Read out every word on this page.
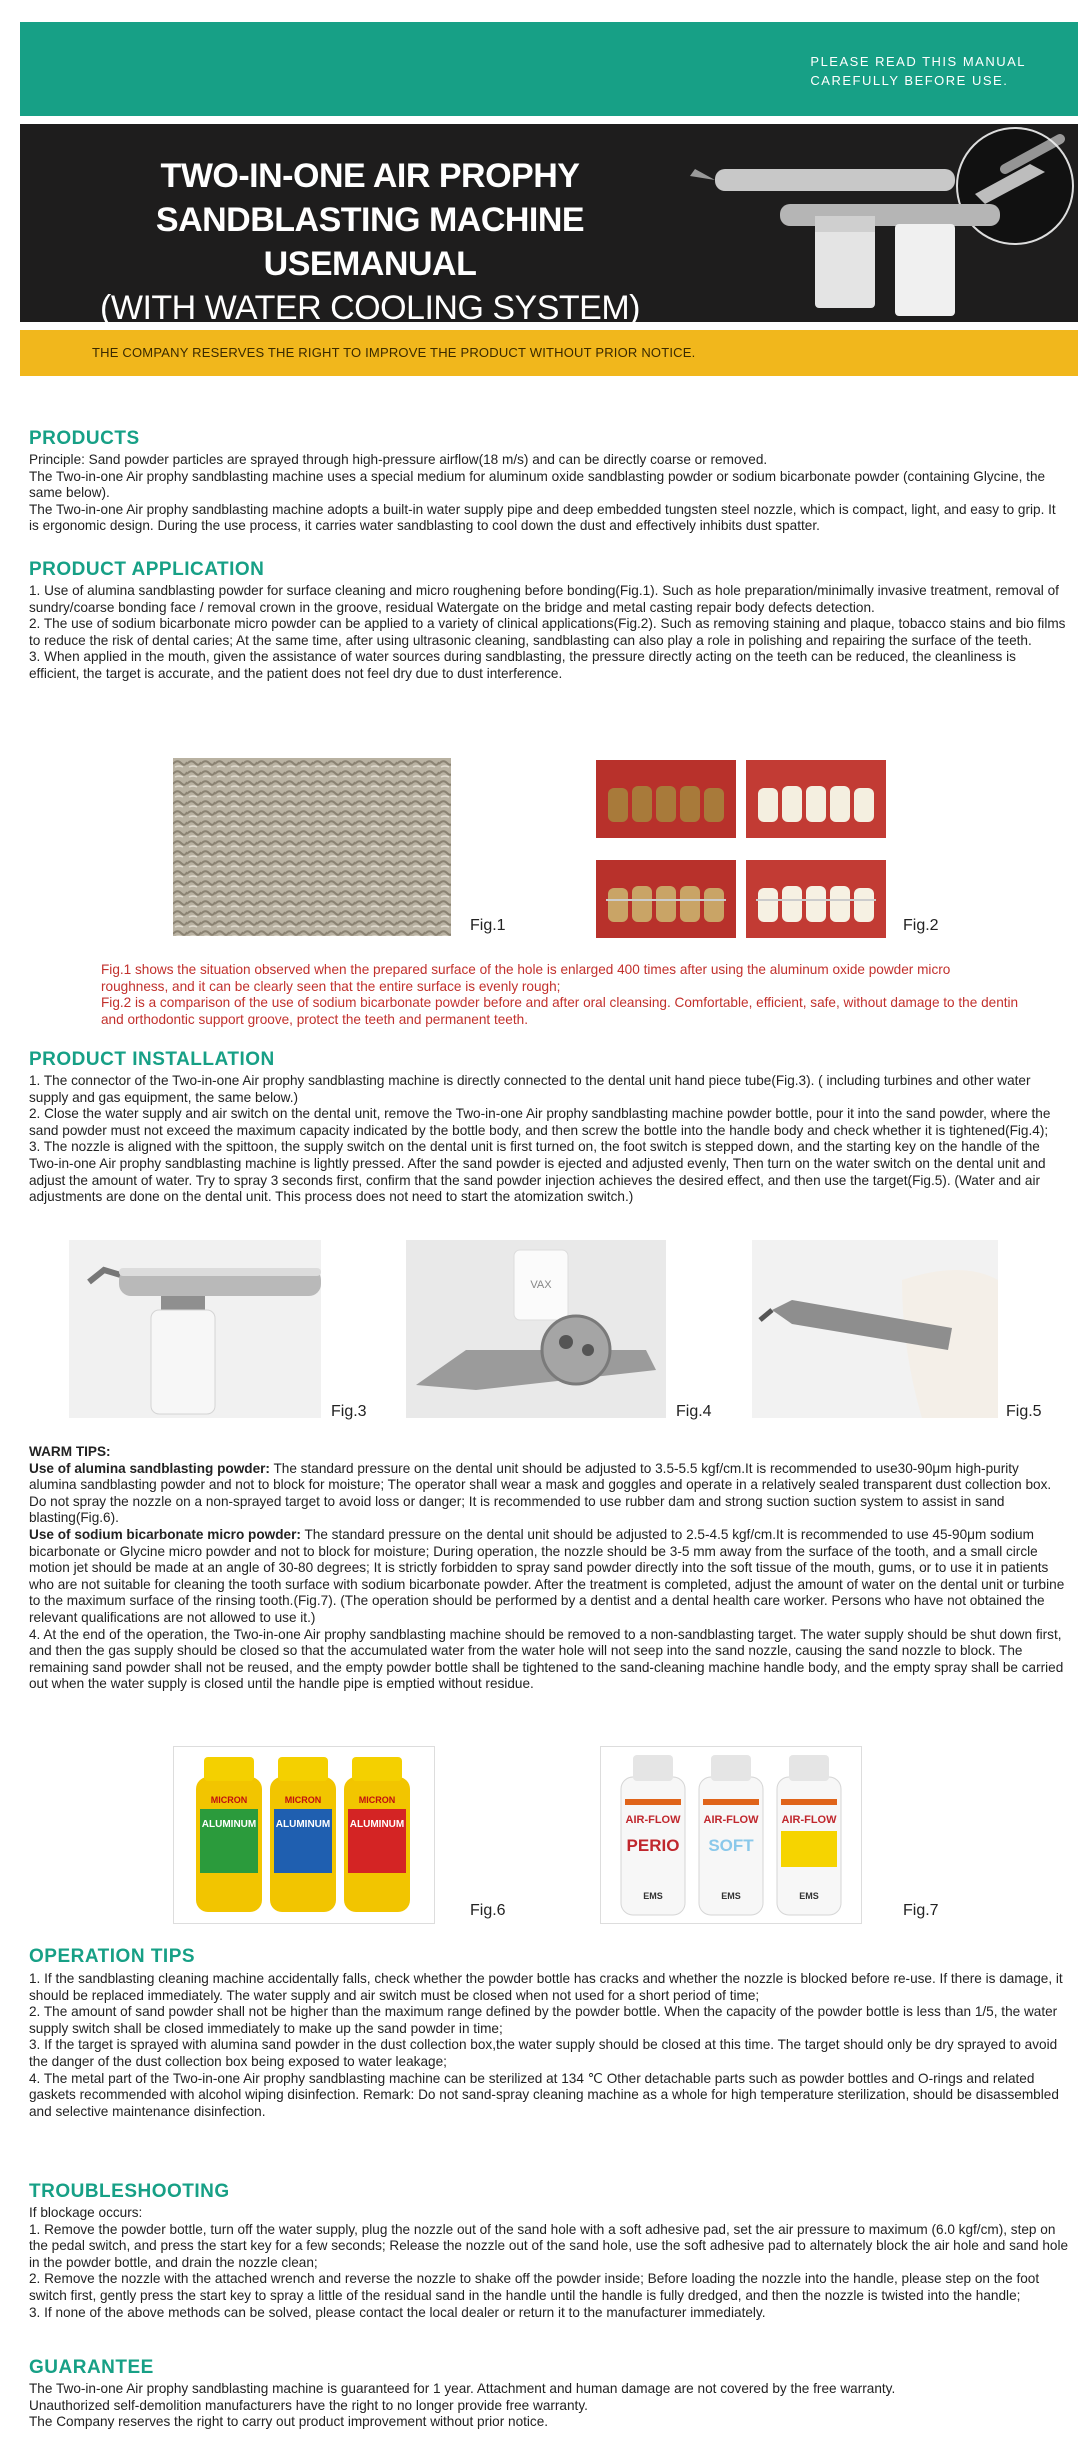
PLEASE READ THIS MANUAL
CAREFULLY BEFORE USE.
TWO-IN-ONE AIR PROPHY
SANDBLASTING MACHINE USEMANUAL
(WITH WATER COOLING SYSTEM)
THE COMPANY RESERVES THE RIGHT TO IMPROVE THE PRODUCT WITHOUT PRIOR NOTICE.
PRODUCTS

Principle: Sand powder particles are sprayed through high-pressure airflow(18 m/s) and can be directly coarse or removed.

The Two-in-one Air prophy sandblasting machine uses a special medium for aluminum oxide sandblasting powder or sodium bicarbonate powder (containing Glycine, the same below).

The Two-in-one Air prophy sandblasting machine adopts a built-in water supply pipe and deep embedded tungsten steel nozzle, which is compact, light, and easy to grip. It is ergonomic design. During the use process, it carries water sandblasting to cool down the dust and effectively inhibits dust spatter.

PRODUCT APPLICATION

1. Use of alumina sandblasting powder for surface cleaning and micro roughening before bonding(Fig.1). Such as hole preparation/minimally invasive treatment, removal of sundry/coarse bonding face / removal crown in the groove, residual Watergate on the bridge and metal casting repair body defects detection.

2. The use of sodium bicarbonate micro powder can be applied to a variety of clinical applications(Fig.2). Such as removing staining and plaque, tobacco stains and bio films to reduce the risk of dental caries; At the same time, after using ultrasonic cleaning, sandblasting can also play a role in polishing and repairing the surface of the teeth.

3. When applied in the mouth, given the assistance of water sources during sandblasting, the pressure directly acting on the teeth can be reduced, the cleanliness is efficient, the target is accurate, and the patient does not feel dry due to dust interference.

Fig.1	Fig.2

Fig.1 shows the situation observed when the prepared surface of the hole is enlarged 400 times after using the aluminum oxide powder micro roughness, and it can be clearly seen that the entire surface is evenly rough;

Fig.2 is a comparison of the use of sodium bicarbonate powder before and after oral cleansing. Comfortable, efficient, safe, without damage to the dentin and orthodontic support groove, protect the teeth and permanent teeth.

PRODUCT INSTALLATION

1. The connector of the Two-in-one Air prophy sandblasting machine is directly connected to the dental unit hand piece tube(Fig.3). ( including turbines and other water supply and gas equipment, the same below.)

2. Close the water supply and air switch on the dental unit, remove the Two-in-one Air prophy sandblasting machine powder bottle, pour it into the sand powder, where the sand powder must not exceed the maximum capacity indicated by the bottle body, and then screw the bottle into the handle body and check whether it is tightened(Fig.4);

3. The nozzle is aligned with the spittoon, the supply switch on the dental unit is first turned on, the foot switch is stepped down, and the starting key on the handle of the Two-in-one Air prophy sandblasting machine is lightly pressed. After the sand powder is ejected and adjusted evenly, Then turn on the water switch on the dental unit and adjust the amount of water. Try to spray 3 seconds first, confirm that the sand powder injection achieves the desired effect, and then use the target(Fig.5). (Water and air adjustments are done on the dental unit. This process does not need to start the atomization switch.)

Fig.3
VAX
Fig.4	Fig.5

WARM TIPS:

Use of alumina sandblasting powder: The standard pressure on the dental unit should be adjusted to 3.5-5.5 kgf/cm.It is recommended to use30-90μm high-purity alumina sandblasting powder and not to block for moisture; The operator shall wear a mask and goggles and operate in a relatively sealed transparent dust collection box. Do not spray the nozzle on a non-sprayed target to avoid loss or danger; It is recommended to use rubber dam and strong suction suction system to assist in sand blasting(Fig.6).

Use of sodium bicarbonate micro powder: The standard pressure on the dental unit should be adjusted to 2.5-4.5 kgf/cm.It is recommended to use 45-90μm sodium bicarbonate or Glycine micro powder and not to block for moisture; During operation, the nozzle should be 3-5 mm away from the surface of the tooth, and a small circle motion jet should be made at an angle of 30-80 degrees; It is strictly forbidden to spray sand powder directly into the soft tissue of the mouth, gums, or to use it in patients who are not suitable for cleaning the tooth surface with sodium bicarbonate powder. After the treatment is completed, adjust the amount of water on the dental unit or turbine to the maximum surface of the rinsing tooth.(Fig.7). (The operation should be performed by a dentist and a dental health care worker. Persons who have not obtained the relevant qualifications are not allowed to use it.)

4. At the end of the operation, the Two-in-one Air prophy sandblasting machine should be removed to a non-sandblasting target. The water supply should be shut down first, and then the gas supply should be closed so that the accumulated water from the water hole will not seep into the sand nozzle, causing the sand nozzle to block. The remaining sand powder shall not be reused, and the empty powder bottle shall be tightened to the sand-cleaning machine handle body, and the empty spray shall be carried out when the water supply is closed until the handle pipe is emptied without residue.

MICRON
ALUMINUM
MICRON
ALUMINUM
MICRON
ALUMINUM
Fig.6
AIR-FLOW
PERIO
AIR-FLOW
SOFT
AIR-FLOW
EMS	EMS	EMS
Fig.7
OPERATION TIPS

1. If the sandblasting cleaning machine accidentally falls, check whether the powder bottle has cracks and whether the nozzle is blocked before re-use. If there is damage, it should be replaced immediately. The water supply and air switch must be closed when not used for a short period of time;

2. The amount of sand powder shall not be higher than the maximum range defined by the powder bottle. When the capacity of the powder bottle is less than 1/5, the water supply switch shall be closed immediately to make up the sand powder in time;

3. If the target is sprayed with alumina sand powder in the dust collection box,the water supply should be closed at this time. The target should only be dry sprayed to avoid the danger of the dust collection box being exposed to water leakage;

4. The metal part of the Two-in-one Air prophy sandblasting machine can be sterilized at 134 ℃ Other detachable parts such as powder bottles and O-rings and related gaskets recommended with alcohol wiping disinfection. Remark: Do not sand-spray cleaning machine as a whole for high temperature sterilization, should be disassembled and selective maintenance disinfection.

TROUBLESHOOTING

If blockage occurs:

1. Remove the powder bottle, turn off the water supply, plug the nozzle out of the sand hole with a soft adhesive pad, set the air pressure to maximum (6.0 kgf/cm), step on the pedal switch, and press the start key for a few seconds; Release the nozzle out of the sand hole, use the soft adhesive pad to alternately block the air hole and sand hole in the powder bottle, and drain the nozzle clean;

2. Remove the nozzle with the attached wrench and reverse the nozzle to shake off the powder inside; Before loading the nozzle into the handle, please step on the foot switch first, gently press the start key to spray a little of the residual sand in the handle until the handle is fully dredged, and then the nozzle is twisted into the handle;

3. If none of the above methods can be solved, please contact the local dealer or return it to the manufacturer immediately.

GUARANTEE

The Two-in-one Air prophy sandblasting machine is guaranteed for 1 year. Attachment and human damage are not covered by the free warranty.

Unauthorized self-demolition manufacturers have the right to no longer provide free warranty.

The Company reserves the right to carry out product improvement without prior notice.
